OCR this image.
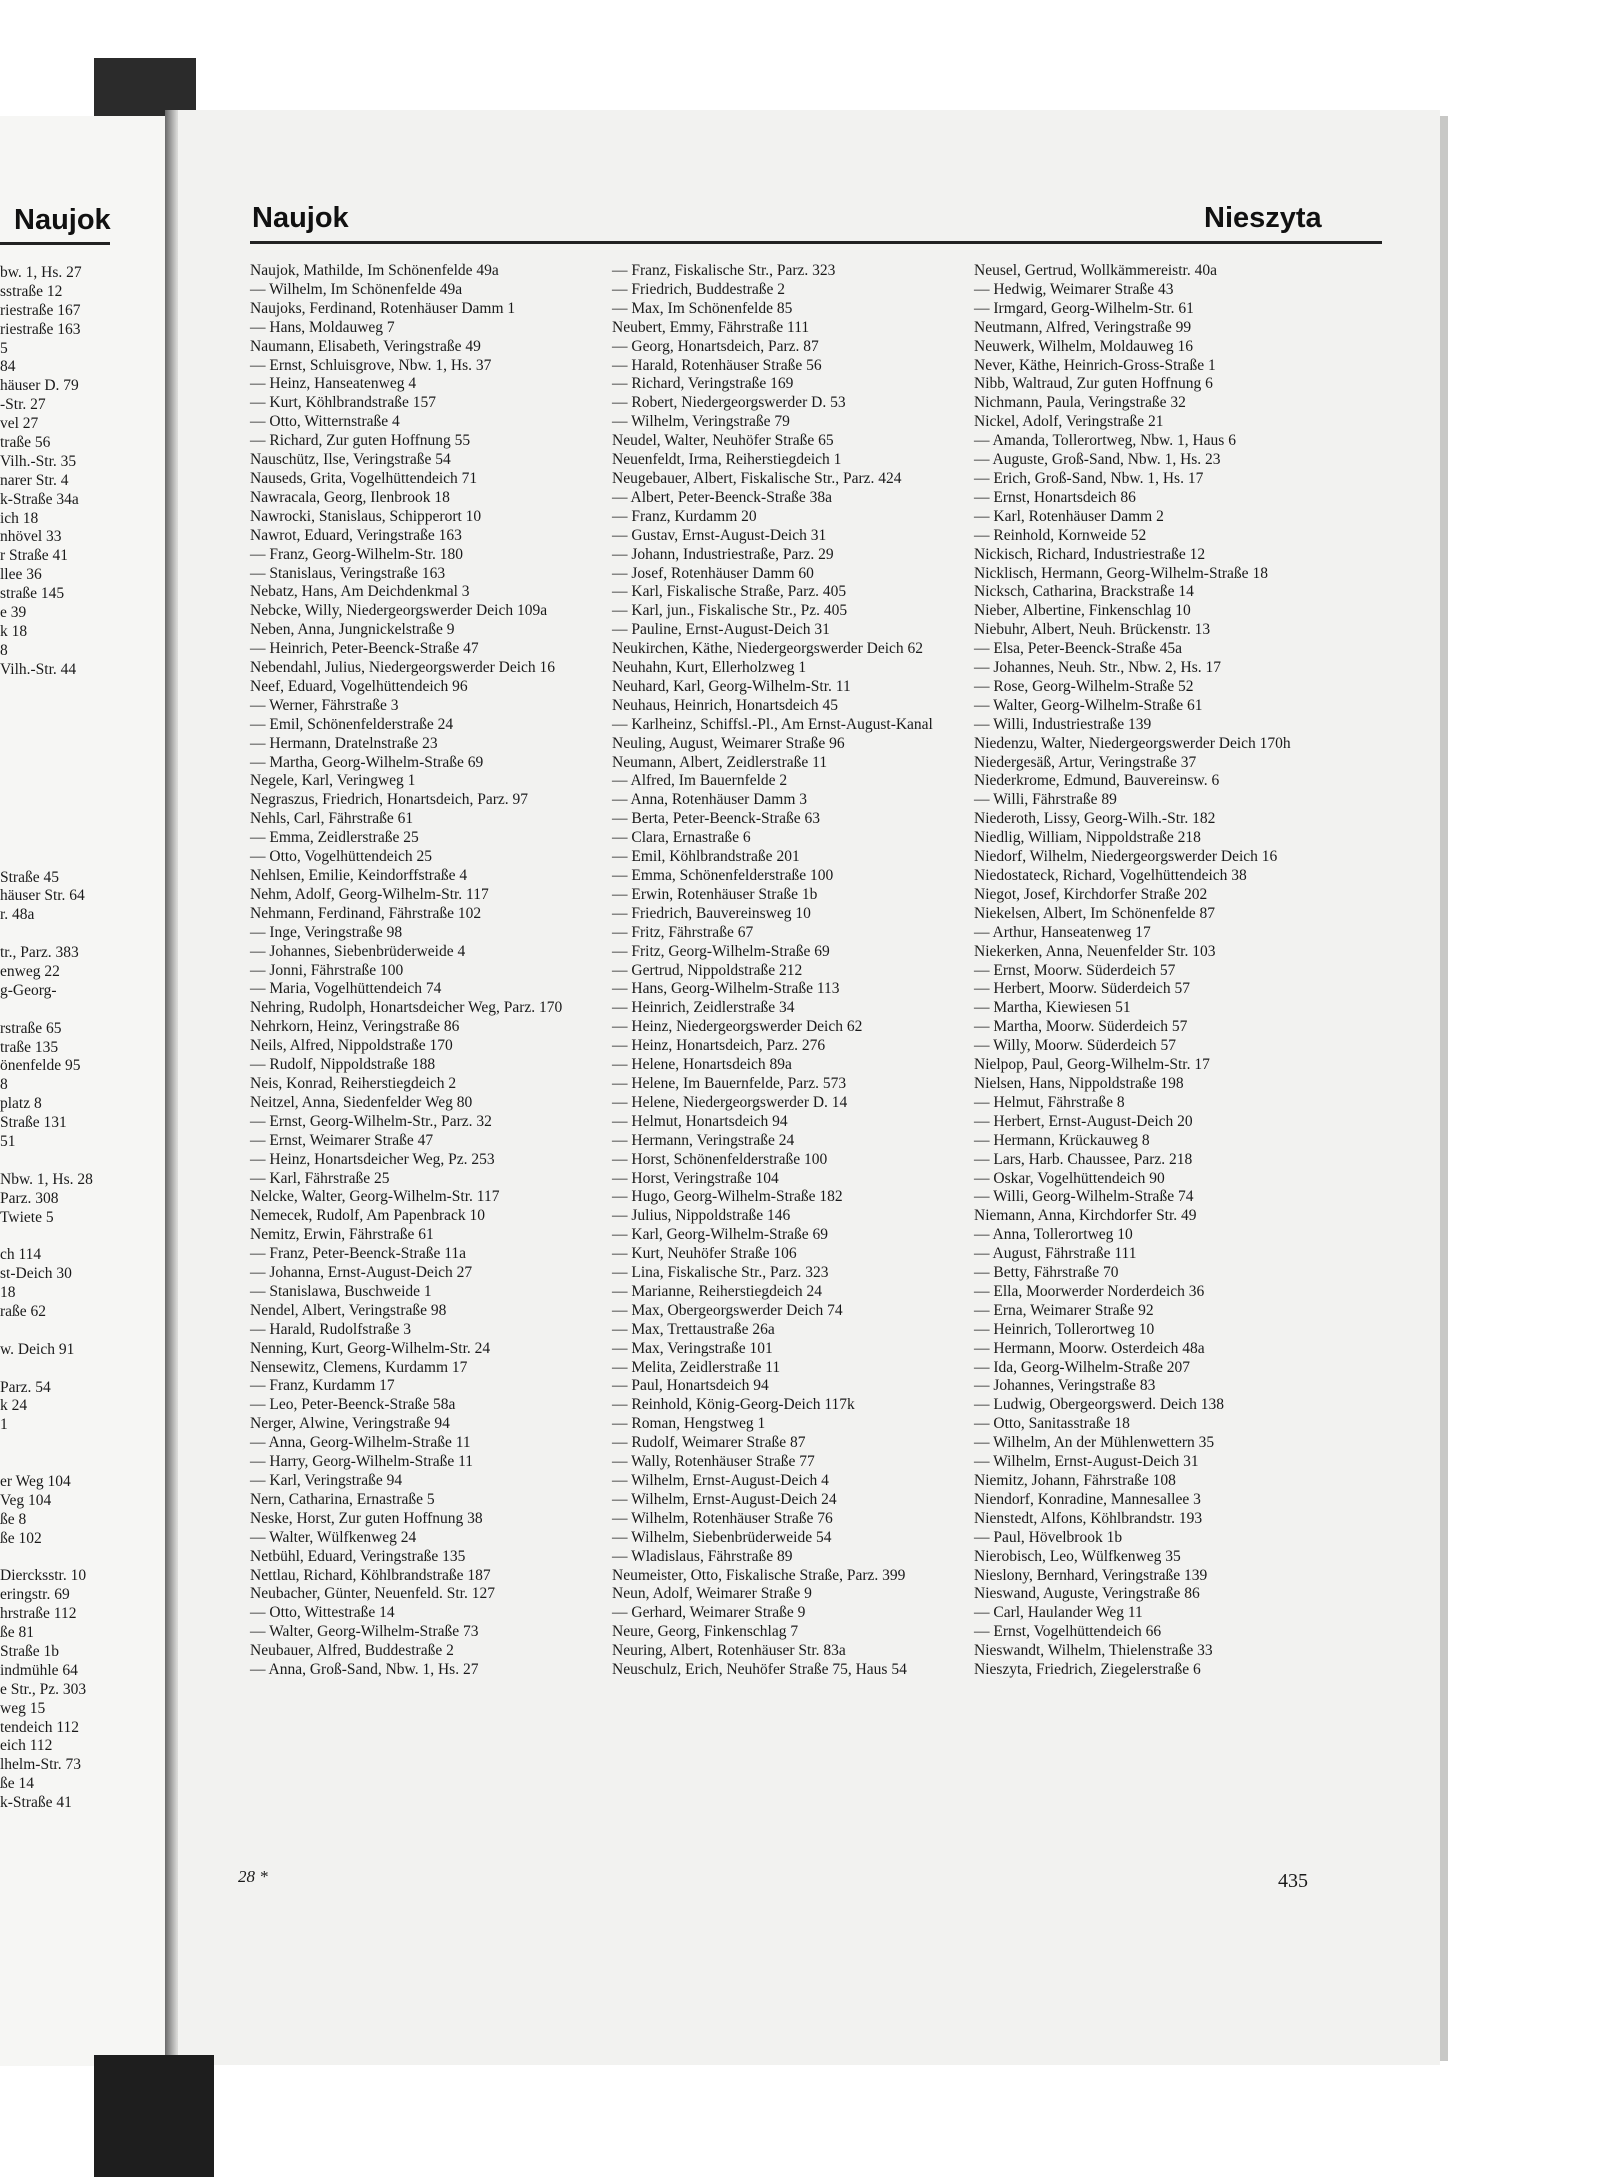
Naujok
bw. 1, Hs. 27
sstraße 12
riestraße 167
riestraße 163
5
84
häuser D. 79
-Str. 27
vel 27
traße 56
Vilh.-Str. 35
narer Str. 4
k-Straße 34a
ich 18
nhövel 33
r Straße 41
llee 36
straße 145
e 39
k 18
8
Vilh.-Str. 44
Straße 45
häuser Str. 64
r. 48a
tr., Parz. 383
enweg 22
g-Georg-
rstraße 65
traße 135
önenfelde 95
8
platz 8
Straße 131
51
Nbw. 1, Hs. 28
Parz. 308
Twiete 5
ch 114
st-Deich 30
18
raße 62
w. Deich 91
Parz. 54
k 24
1
er Weg 104
Veg 104
ße 8
ße 102
Diercksstr. 10
eringstr. 69
hrstraße 112
ße 81
Straße 1b
indmühle 64
e Str., Pz. 303
weg 15
tendeich 112
eich 112
lhelm-Str. 73
ße 14
k-Straße 41
Naujok	Nieszyta

Naujok, Mathilde, Im Schönenfelde 49a

— Wilhelm, Im Schönenfelde 49a

Naujoks, Ferdinand, Rotenhäuser Damm 1

— Hans, Moldauweg 7

Naumann, Elisabeth, Veringstraße 49

— Ernst, Schluisgrove, Nbw. 1, Hs. 37

— Heinz, Hanseatenweg 4

— Kurt, Köhlbrandstraße 157

— Otto, Witternstraße 4

— Richard, Zur guten Hoffnung 55

Nauschütz, Ilse, Veringstraße 54

Nauseds, Grita, Vogelhüttendeich 71

Nawracala, Georg, Ilenbrook 18

Nawrocki, Stanislaus, Schipperort 10

Nawrot, Eduard, Veringstraße 163

— Franz, Georg-Wilhelm-Str. 180

— Stanislaus, Veringstraße 163

Nebatz, Hans, Am Deichdenkmal 3

Nebcke, Willy, Niedergeorgswerder Deich 109a

Neben, Anna, Jungnickelstraße 9

— Heinrich, Peter-Beenck-Straße 47

Nebendahl, Julius, Niedergeorgswerder Deich 16

Neef, Eduard, Vogelhüttendeich 96

— Werner, Fährstraße 3

— Emil, Schönenfelderstraße 24

— Hermann, Dratelnstraße 23

— Martha, Georg-Wilhelm-Straße 69

Negele, Karl, Veringweg 1

Negraszus, Friedrich, Honartsdeich, Parz. 97

Nehls, Carl, Fährstraße 61

— Emma, Zeidlerstraße 25

— Otto, Vogelhüttendeich 25

Nehlsen, Emilie, Keindorffstraße 4

Nehm, Adolf, Georg-Wilhelm-Str. 117

Nehmann, Ferdinand, Fährstraße 102

— Inge, Veringstraße 98

— Johannes, Siebenbrüderweide 4

— Jonni, Fährstraße 100

— Maria, Vogelhüttendeich 74

Nehring, Rudolph, Honartsdeicher Weg, Parz. 170

Nehrkorn, Heinz, Veringstraße 86

Neils, Alfred, Nippoldstraße 170

— Rudolf, Nippoldstraße 188

Neis, Konrad, Reiherstiegdeich 2

Neitzel, Anna, Siedenfelder Weg 80

— Ernst, Georg-Wilhelm-Str., Parz. 32

— Ernst, Weimarer Straße 47

— Heinz, Honartsdeicher Weg, Pz. 253

— Karl, Fährstraße 25

Nelcke, Walter, Georg-Wilhelm-Str. 117

Nemecek, Rudolf, Am Papenbrack 10

Nemitz, Erwin, Fährstraße 61

— Franz, Peter-Beenck-Straße 11a

— Johanna, Ernst-August-Deich 27

— Stanislawa, Buschweide 1

Nendel, Albert, Veringstraße 98

— Harald, Rudolfstraße 3

Nenning, Kurt, Georg-Wilhelm-Str. 24

Nensewitz, Clemens, Kurdamm 17

— Franz, Kurdamm 17

— Leo, Peter-Beenck-Straße 58a

Nerger, Alwine, Veringstraße 94

— Anna, Georg-Wilhelm-Straße 11

— Harry, Georg-Wilhelm-Straße 11

— Karl, Veringstraße 94

Nern, Catharina, Ernastraße 5

Neske, Horst, Zur guten Hoffnung 38

— Walter, Wülfkenweg 24

Netbühl, Eduard, Veringstraße 135

Nettlau, Richard, Köhlbrandstraße 187

Neubacher, Günter, Neuenfeld. Str. 127

— Otto, Wittestraße 14

— Walter, Georg-Wilhelm-Straße 73

Neubauer, Alfred, Buddestraße 2

— Anna, Groß-Sand, Nbw. 1, Hs. 27

— Franz, Fiskalische Str., Parz. 323

— Friedrich, Buddestraße 2

— Max, Im Schönenfelde 85

Neubert, Emmy, Fährstraße 111

— Georg, Honartsdeich, Parz. 87

— Harald, Rotenhäuser Straße 56

— Richard, Veringstraße 169

— Robert, Niedergeorgswerder D. 53

— Wilhelm, Veringstraße 79

Neudel, Walter, Neuhöfer Straße 65

Neuenfeldt, Irma, Reiherstiegdeich 1

Neugebauer, Albert, Fiskalische Str., Parz. 424

— Albert, Peter-Beenck-Straße 38a

— Franz, Kurdamm 20

— Gustav, Ernst-August-Deich 31

— Johann, Industriestraße, Parz. 29

— Josef, Rotenhäuser Damm 60

— Karl, Fiskalische Straße, Parz. 405

— Karl, jun., Fiskalische Str., Pz. 405

— Pauline, Ernst-August-Deich 31

Neukirchen, Käthe, Niedergeorgswerder Deich 62

Neuhahn, Kurt, Ellerholzweg 1

Neuhard, Karl, Georg-Wilhelm-Str. 11

Neuhaus, Heinrich, Honartsdeich 45

— Karlheinz, Schiffsl.-Pl., Am Ernst-August-Kanal

Neuling, August, Weimarer Straße 96

Neumann, Albert, Zeidlerstraße 11

— Alfred, Im Bauernfelde 2

— Anna, Rotenhäuser Damm 3

— Berta, Peter-Beenck-Straße 63

— Clara, Ernastraße 6

— Emil, Köhlbrandstraße 201

— Emma, Schönenfelderstraße 100

— Erwin, Rotenhäuser Straße 1b

— Friedrich, Bauvereinsweg 10

— Fritz, Fährstraße 67

— Fritz, Georg-Wilhelm-Straße 69

— Gertrud, Nippoldstraße 212

— Hans, Georg-Wilhelm-Straße 113

— Heinrich, Zeidlerstraße 34

— Heinz, Niedergeorgswerder Deich 62

— Heinz, Honartsdeich, Parz. 276

— Helene, Honartsdeich 89a

— Helene, Im Bauernfelde, Parz. 573

— Helene, Niedergeorgswerder D. 14

— Helmut, Honartsdeich 94

— Hermann, Veringstraße 24

— Horst, Schönenfelderstraße 100

— Horst, Veringstraße 104

— Hugo, Georg-Wilhelm-Straße 182

— Julius, Nippoldstraße 146

— Karl, Georg-Wilhelm-Straße 69

— Kurt, Neuhöfer Straße 106

— Lina, Fiskalische Str., Parz. 323

— Marianne, Reiherstiegdeich 24

— Max, Obergeorgswerder Deich 74

— Max, Trettaustraße 26a

— Max, Veringstraße 101

— Melita, Zeidlerstraße 11

— Paul, Honartsdeich 94

— Reinhold, König-Georg-Deich 117k

— Roman, Hengstweg 1

— Rudolf, Weimarer Straße 87

— Wally, Rotenhäuser Straße 77

— Wilhelm, Ernst-August-Deich 4

— Wilhelm, Ernst-August-Deich 24

— Wilhelm, Rotenhäuser Straße 76

— Wilhelm, Siebenbrüderweide 54

— Wladislaus, Fährstraße 89

Neumeister, Otto, Fiskalische Straße, Parz. 399

Neun, Adolf, Weimarer Straße 9

— Gerhard, Weimarer Straße 9

Neure, Georg, Finkenschlag 7

Neuring, Albert, Rotenhäuser Str. 83a

Neuschulz, Erich, Neuhöfer Straße 75, Haus 54

Neusel, Gertrud, Wollkämmereistr. 40a

— Hedwig, Weimarer Straße 43

— Irmgard, Georg-Wilhelm-Str. 61

Neutmann, Alfred, Veringstraße 99

Neuwerk, Wilhelm, Moldauweg 16

Never, Käthe, Heinrich-Gross-Straße 1

Nibb, Waltraud, Zur guten Hoffnung 6

Nichmann, Paula, Veringstraße 32

Nickel, Adolf, Veringstraße 21

— Amanda, Tollerortweg, Nbw. 1, Haus 6

— Auguste, Groß-Sand, Nbw. 1, Hs. 23

— Erich, Groß-Sand, Nbw. 1, Hs. 17

— Ernst, Honartsdeich 86

— Karl, Rotenhäuser Damm 2

— Reinhold, Kornweide 52

Nickisch, Richard, Industriestraße 12

Nicklisch, Hermann, Georg-Wilhelm-Straße 18

Nicksch, Catharina, Brackstraße 14

Nieber, Albertine, Finkenschlag 10

Niebuhr, Albert, Neuh. Brückenstr. 13

— Elsa, Peter-Beenck-Straße 45a

— Johannes, Neuh. Str., Nbw. 2, Hs. 17

— Rose, Georg-Wilhelm-Straße 52

— Walter, Georg-Wilhelm-Straße 61

— Willi, Industriestraße 139

Niedenzu, Walter, Niedergeorgswerder Deich 170h

Niedergesäß, Artur, Veringstraße 37

Niederkrome, Edmund, Bauvereinsw. 6

— Willi, Fährstraße 89

Niederoth, Lissy, Georg-Wilh.-Str. 182

Niedlig, William, Nippoldstraße 218

Niedorf, Wilhelm, Niedergeorgswerder Deich 16

Niedostateck, Richard, Vogelhüttendeich 38

Niegot, Josef, Kirchdorfer Straße 202

Niekelsen, Albert, Im Schönenfelde 87

— Arthur, Hanseatenweg 17

Niekerken, Anna, Neuenfelder Str. 103

— Ernst, Moorw. Süderdeich 57

— Herbert, Moorw. Süderdeich 57

— Martha, Kiewiesen 51

— Martha, Moorw. Süderdeich 57

— Willy, Moorw. Süderdeich 57

Nielpop, Paul, Georg-Wilhelm-Str. 17

Nielsen, Hans, Nippoldstraße 198

— Helmut, Fährstraße 8

— Herbert, Ernst-August-Deich 20

— Hermann, Krückauweg 8

— Lars, Harb. Chaussee, Parz. 218

— Oskar, Vogelhüttendeich 90

— Willi, Georg-Wilhelm-Straße 74

Niemann, Anna, Kirchdorfer Str. 49

— Anna, Tollerortweg 10

— August, Fährstraße 111

— Betty, Fährstraße 70

— Ella, Moorwerder Norderdeich 36

— Erna, Weimarer Straße 92

— Heinrich, Tollerortweg 10

— Hermann, Moorw. Osterdeich 48a

— Ida, Georg-Wilhelm-Straße 207

— Johannes, Veringstraße 83

— Ludwig, Obergeorgswerd. Deich 138

— Otto, Sanitasstraße 18

— Wilhelm, An der Mühlenwettern 35

— Wilhelm, Ernst-August-Deich 31

Niemitz, Johann, Fährstraße 108

Niendorf, Konradine, Mannesallee 3

Nienstedt, Alfons, Köhlbrandstr. 193

— Paul, Hövelbrook 1b

Nierobisch, Leo, Wülfkenweg 35

Nieslony, Bernhard, Veringstraße 139

Nieswand, Auguste, Veringstraße 86

— Carl, Haulander Weg 11

— Ernst, Vogelhüttendeich 66

Nieswandt, Wilhelm, Thielenstraße 33

Nieszyta, Friedrich, Ziegelerstraße 6

28 *	435
